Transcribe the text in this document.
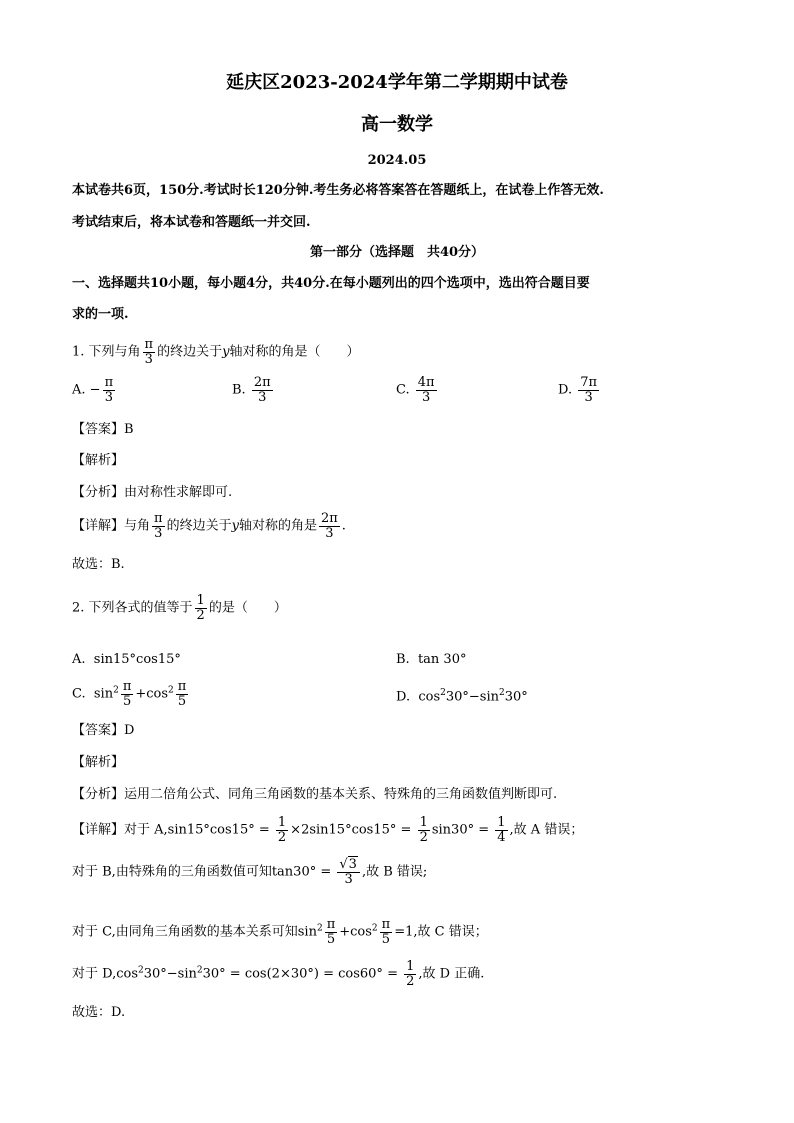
延庆区2023-2024学年第二学期期中试卷
高一数学
2024.05
本试卷共6页，150分.考试时长120分钟.考生务必将答案答在答题纸上，在试卷上作答无效.
考试结束后，将本试卷和答题纸一并交回.
第一部分（选择题　共40分）
一、选择题共10小题，每小题4分，共40分.在每小题列出的四个选项中，选出符合题目要
求的一项.
1. 下列与角 $\frac{\pi}{3}$ 的终边关于y轴对称的角是（　　）
A. − $\frac{\pi}{3}$	B. $\frac{2\pi}{3}$	C. $\frac{4\pi}{3}$	D. $\frac{7\pi}{3}$
【答案】B
【解析】
【分析】由对称性求解即可.
【详解】与角 $\frac{\pi}{3}$ 的终边关于y轴对称的角是 $\frac{2\pi}{3}$ .
故选：B.
2. 下列各式的值等于 $\frac{1}{2}$ 的是（　　）
A. sin15°cos15°	B. tan 30°
C.  $\sin^2 \frac{\pi}{5} +\cos^2 \frac{\pi}{5}$	D.  $\cos^230^\circ-\sin^230^\circ$
【答案】D
【解析】
【分析】运用二倍角公式、同角三角函数的基本关系、特殊角的三角函数值判断即可.
【详解】对于 $A,\sin 15^\circ\cos 15^\circ = \frac{1}{2} \times 2\sin 15^\circ\cos 15^\circ = \frac{1}{2} \sin 30^\circ = \frac{1}{4}$ ,故 A 错误；
对于 B,由特殊角的三角函数值可知$\tan 30^\circ = \frac{√3}{3}$ ,故 B 错误;
对于 C,由同角三角函数的基本关系可知$\sin^2 \frac{\pi}{5} +\cos^2 \frac{\pi}{5} =1$,故 C 错误；
对于 $D,\cos^230^\circ-\sin^230^\circ = \cos(2\times 30^\circ) = \cos 60^\circ = \frac{1}{2}$ ,故 D 正确.
故选：D.
